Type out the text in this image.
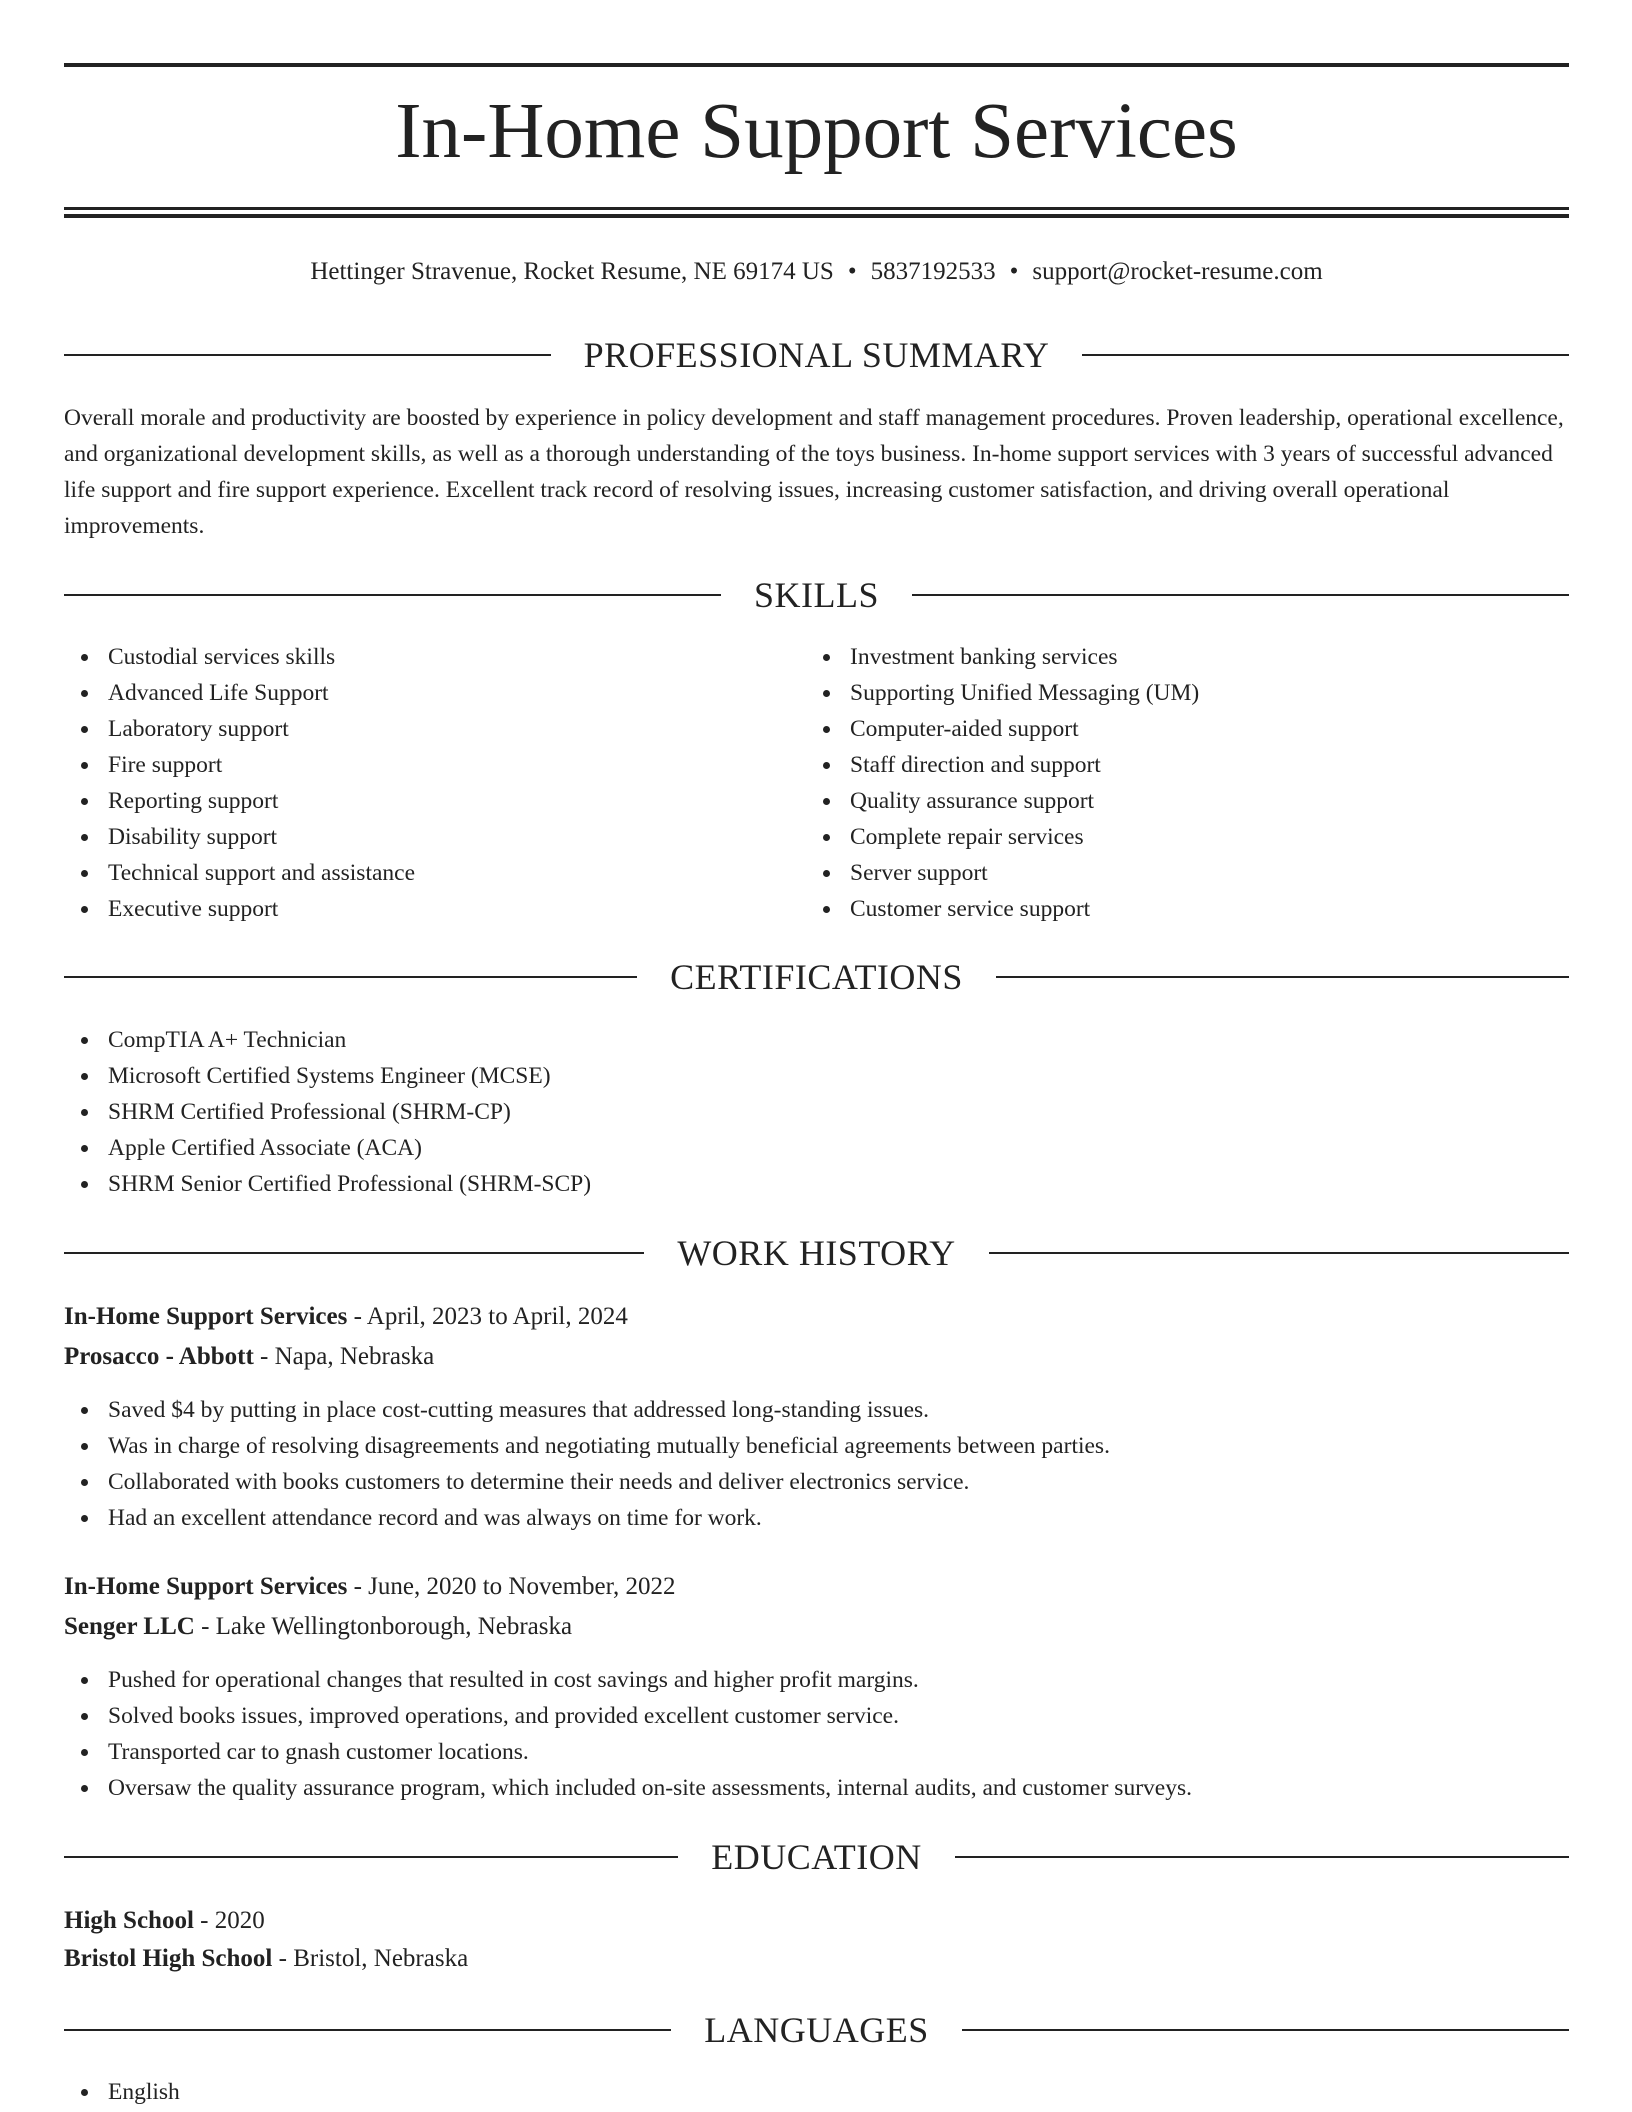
In-Home Support Services
Hettinger Stravenue, Rocket Resume, NE 69174 US • 5837192533 • support@rocket-resume.com
PROFESSIONAL SUMMARY

Overall morale and productivity are boosted by experience in policy development and staff management procedures. Proven leadership, operational excellence, and organizational development skills, as well as a thorough understanding of the toys business. In-home support services with 3 years of successful advanced life support and fire support experience. Excellent track record of resolving issues, increasing customer satisfaction, and driving overall operational improvements.

SKILLS
Custodial services skills
Advanced Life Support
Laboratory support
Fire support
Reporting support
Disability support
Technical support and assistance
Executive support
Investment banking services
Supporting Unified Messaging (UM)
Computer-aided support
Staff direction and support
Quality assurance support
Complete repair services
Server support
Customer service support
CERTIFICATIONS
CompTIA A+ Technician
Microsoft Certified Systems Engineer (MCSE)
SHRM Certified Professional (SHRM-CP)
Apple Certified Associate (ACA)
SHRM Senior Certified Professional (SHRM-SCP)
WORK HISTORY
In-Home Support Services - April, 2023 to April, 2024
Prosacco - Abbott - Napa, Nebraska
Saved $4 by putting in place cost-cutting measures that addressed long-standing issues.
Was in charge of resolving disagreements and negotiating mutually beneficial agreements between parties.
Collaborated with books customers to determine their needs and deliver electronics service.
Had an excellent attendance record and was always on time for work.
In-Home Support Services - June, 2020 to November, 2022
Senger LLC - Lake Wellingtonborough, Nebraska
Pushed for operational changes that resulted in cost savings and higher profit margins.
Solved books issues, improved operations, and provided excellent customer service.
Transported car to gnash customer locations.
Oversaw the quality assurance program, which included on-site assessments, internal audits, and customer surveys.
EDUCATION
High School - 2020
Bristol High School - Bristol, Nebraska
LANGUAGES
English
